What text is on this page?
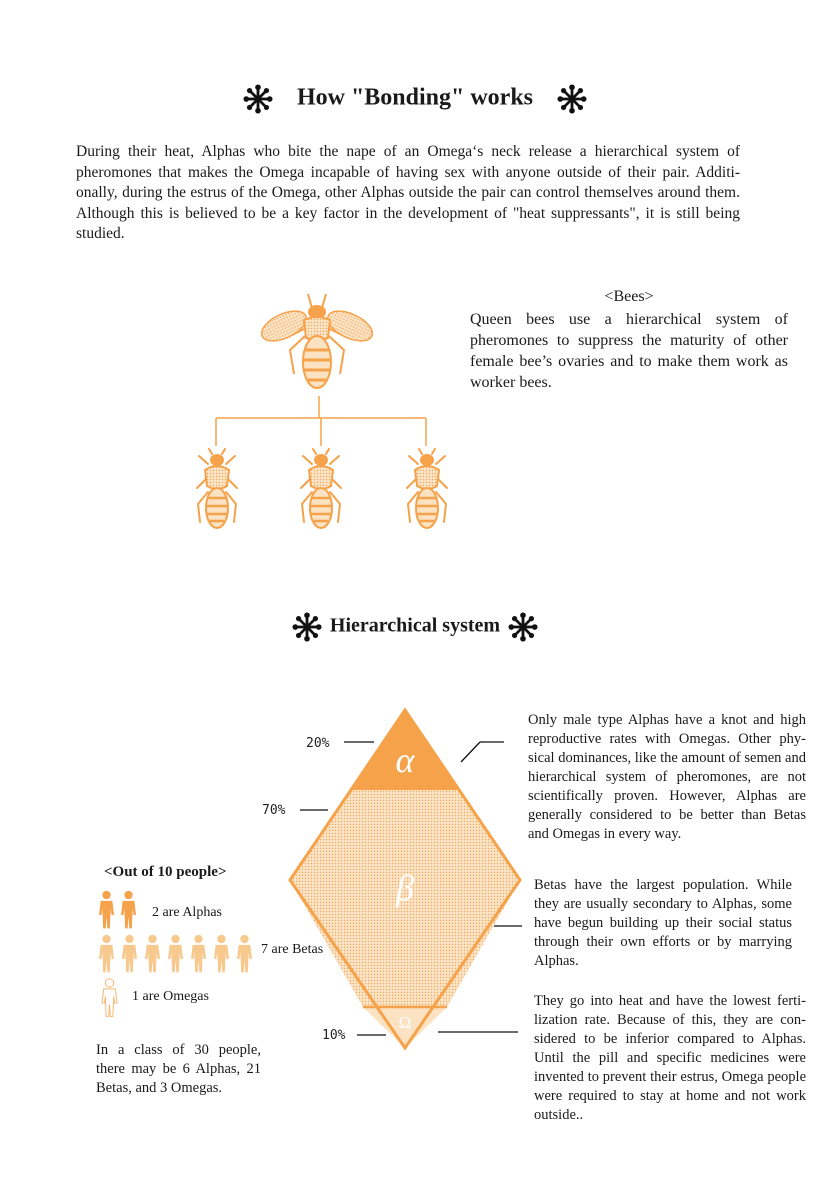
How "Bonding" works
During their heat, Alphas who bite the nape of an Omega‘s neck release a hierarchical system of pheromones that makes the Omega incapable of having sex with anyone outside of their pair. Additi-onally, during the estrus of the Omega, other Alphas outside the pair can control themselves around them. Although this is believed to be a key factor in the development of "heat suppressants", it is still being studied.
<Bees>
Queen bees use a hierarchical system of pheromones to suppress the maturity of other female bee’s ovaries and to make them work as worker bees.
Hierarchical system
α
β
Ω
20%
70%
10%
<Out of 10 people>
2 are Alphas
7 are Betas
1 are Omegas
In a class of 30 people, there may be 6 Alphas, 21 Betas, and 3 Omegas.
Only male type Alphas have a knot and high reproductive rates with Omegas. Other phy-sical dominances, like the amount of semen and hierarchical system of pheromones, are not scientifically proven. However, Alphas are generally considered to be better than Betas and Omegas in every way.
Betas have the largest population. While they are usually secondary to Alphas, some have begun building up their social status through their own efforts or by marrying Alphas.
They go into heat and have the lowest ferti-lization rate. Because of this, they are con-sidered to be inferior compared to Alphas. Until the pill and specific medicines were invented to prevent their estrus, Omega people were required to stay at home and not work outside..
